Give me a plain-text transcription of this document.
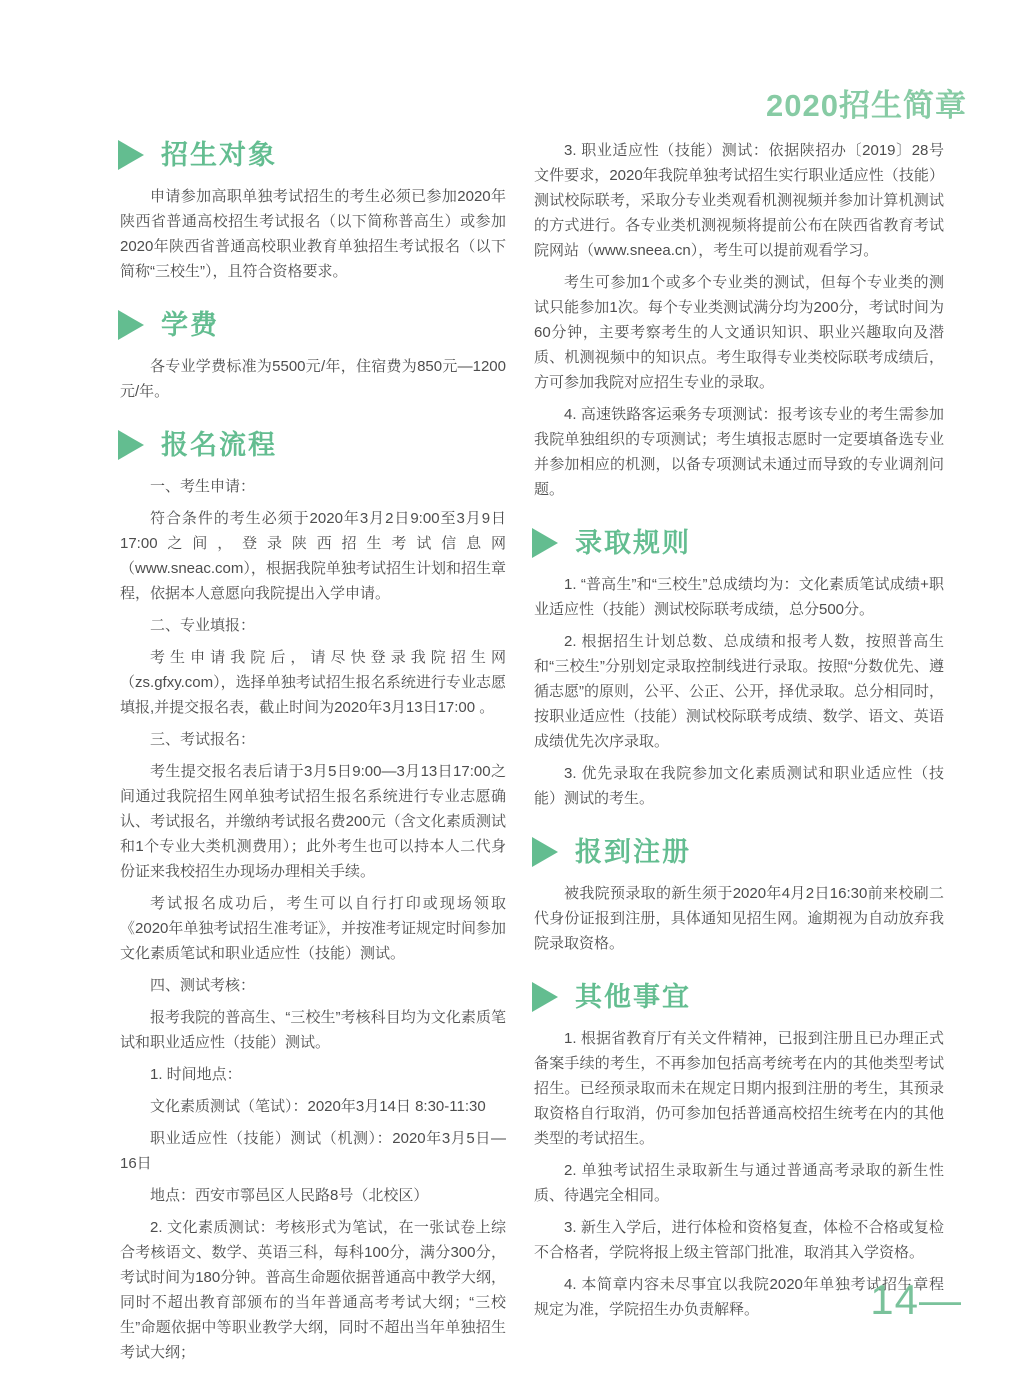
2020招生简章
招生对象

申请参加高职单独考试招生的考生必须已参加2020年陕西省普通高校招生考试报名（以下简称普高生）或参加2020年陕西省普通高校职业教育单独招生考试报名（以下简称“三校生”），且符合资格要求。

学费

各专业学费标准为5500元/年，住宿费为850元—1200元/年。

报名流程

一、考生申请：

符合条件的考生必须于2020年3月2日9:00至3月9日17:00之间，登录陕西招生考试信息网（www.sneac.com），根据我院单独考试招生计划和招生章程，依据本人意愿向我院提出入学申请。

二、专业填报：

考生申请我院后，请尽快登录我院招生网（zs.gfxy.com），选择单独考试招生报名系统进行专业志愿填报,并提交报名表，截止时间为2020年3月13日17:00 。

三、考试报名：

考生提交报名表后请于3月5日9:00—3月13日17:00之间通过我院招生网单独考试招生报名系统进行专业志愿确认、考试报名，并缴纳考试报名费200元（含文化素质测试和1个专业大类机测费用）；此外考生也可以持本人二代身份证来我校招生办现场办理相关手续。

考试报名成功后，考生可以自行打印或现场领取《2020年单独考试招生准考证》，并按准考证规定时间参加文化素质笔试和职业适应性（技能）测试。

四、测试考核：

报考我院的普高生、“三校生”考核科目均为文化素质笔试和职业适应性（技能）测试。

1. 时间地点：

文化素质测试（笔试）：2020年3月14日 8:30-11:30

职业适应性（技能）测试（机测）：2020年3月5日—16日

地点：西安市鄠邑区人民路8号（北校区）

2. 文化素质测试：考核形式为笔试，在一张试卷上综合考核语文、数学、英语三科，每科100分，满分300分，考试时间为180分钟。普高生命题依据普通高中教学大纲，同时不超出教育部颁布的当年普通高考考试大纲；“三校生”命题依据中等职业教学大纲，同时不超出当年单独招生考试大纲；

3. 职业适应性（技能）测试：依据陕招办〔2019〕28号文件要求，2020年我院单独考试招生实行职业适应性（技能）测试校际联考，采取分专业类观看机测视频并参加计算机测试的方式进行。各专业类机测视频将提前公布在陕西省教育考试院网站（www.sneea.cn），考生可以提前观看学习。

考生可参加1个或多个专业类的测试，但每个专业类的测试只能参加1次。每个专业类测试满分均为200分，考试时间为60分钟，主要考察考生的人文通识知识、职业兴趣取向及潜质、机测视频中的知识点。考生取得专业类校际联考成绩后，方可参加我院对应招生专业的录取。

4. 高速铁路客运乘务专项测试：报考该专业的考生需参加我院单独组织的专项测试；考生填报志愿时一定要填备选专业并参加相应的机测，以备专项测试未通过而导致的专业调剂问题。

录取规则

1. “普高生”和“三校生”总成绩均为：文化素质笔试成绩+职业适应性（技能）测试校际联考成绩，总分500分。

2. 根据招生计划总数、总成绩和报考人数，按照普高生和“三校生”分别划定录取控制线进行录取。按照“分数优先、遵循志愿”的原则，公平、公正、公开，择优录取。总分相同时，按职业适应性（技能）测试校际联考成绩、数学、语文、英语成绩优先次序录取。

3. 优先录取在我院参加文化素质测试和职业适应性（技能）测试的考生。

报到注册

被我院预录取的新生须于2020年4月2日16:30前来校刷二代身份证报到注册，具体通知见招生网。逾期视为自动放弃我院录取资格。

其他事宜

1. 根据省教育厅有关文件精神，已报到注册且已办理正式备案手续的考生，不再参加包括高考统考在内的其他类型考试招生。已经预录取而未在规定日期内报到注册的考生，其预录取资格自行取消，仍可参加包括普通高校招生统考在内的其他类型的考试招生。

2. 单独考试招生录取新生与通过普通高考录取的新生性质、待遇完全相同。

3. 新生入学后，进行体检和资格复查，体检不合格或复检不合格者，学院将报上级主管部门批准，取消其入学资格。

4. 本简章内容未尽事宜以我院2020年单独考试招生章程规定为准，学院招生办负责解释。	14—
